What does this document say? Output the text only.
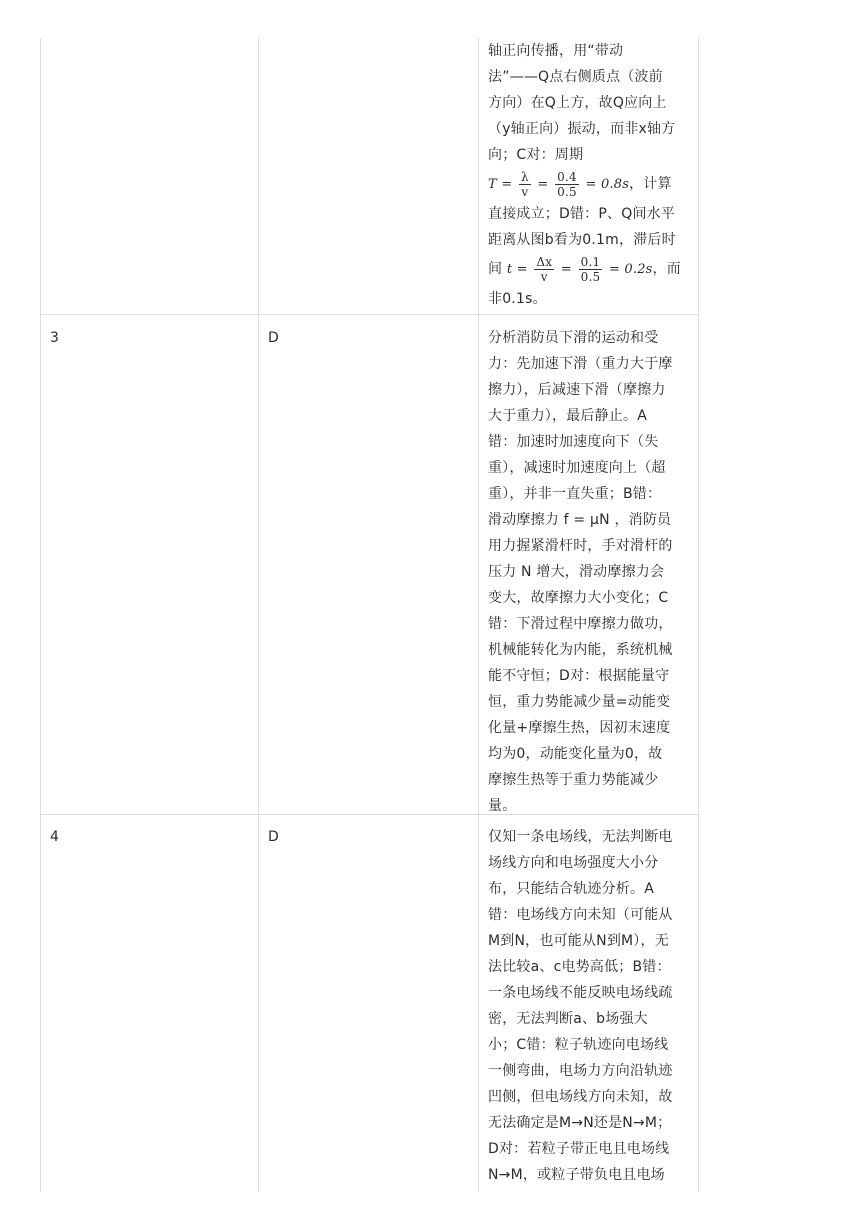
轴正向传播，用“带动

法”——Q点右侧质点（波前

方向）在Q上方，故Q应向上

（y轴正向）振动，而非x轴方

向；C对：周期

$T = \frac{\lambda}{v} = \frac{0.4}{0.5} = 0.8s$，计算

直接成立；D错：P、Q间水平

距离从图b看为0.1m，滞后时

间 $t = \frac{\Delta x}{v} = \frac{0.1}{0.5} = 0.2s$，而

非0.1s。

3	D	分析消防员下滑的运动和受

力：先加速下滑（重力大于摩

擦力），后减速下滑（摩擦力

大于重力），最后静止。A

错：加速时加速度向下（失

重），减速时加速度向上（超

重），并非一直失重；B错：

滑动摩擦力 f = μN ，消防员

用力握紧滑杆时，手对滑杆的

压力 N 增大，滑动摩擦力会

变大，故摩擦力大小变化；C

错：下滑过程中摩擦力做功，

机械能转化为内能，系统机械

能不守恒；D对：根据能量守

恒，重力势能减少量=动能变

化量+摩擦生热，因初末速度

均为0，动能变化量为0，故

摩擦生热等于重力势能减少

量。

4	D	仅知一条电场线，无法判断电

场线方向和电场强度大小分

布，只能结合轨迹分析。A

错：电场线方向未知（可能从

M到N，也可能从N到M），无

法比较a、c电势高低；B错：

一条电场线不能反映电场线疏

密，无法判断a、b场强大

小；C错：粒子轨迹向电场线

一侧弯曲，电场力方向沿轨迹

凹侧，但电场线方向未知，故

无法确定是M→N还是N→M；

D对：若粒子带正电且电场线

N→M，或粒子带负电且电场
